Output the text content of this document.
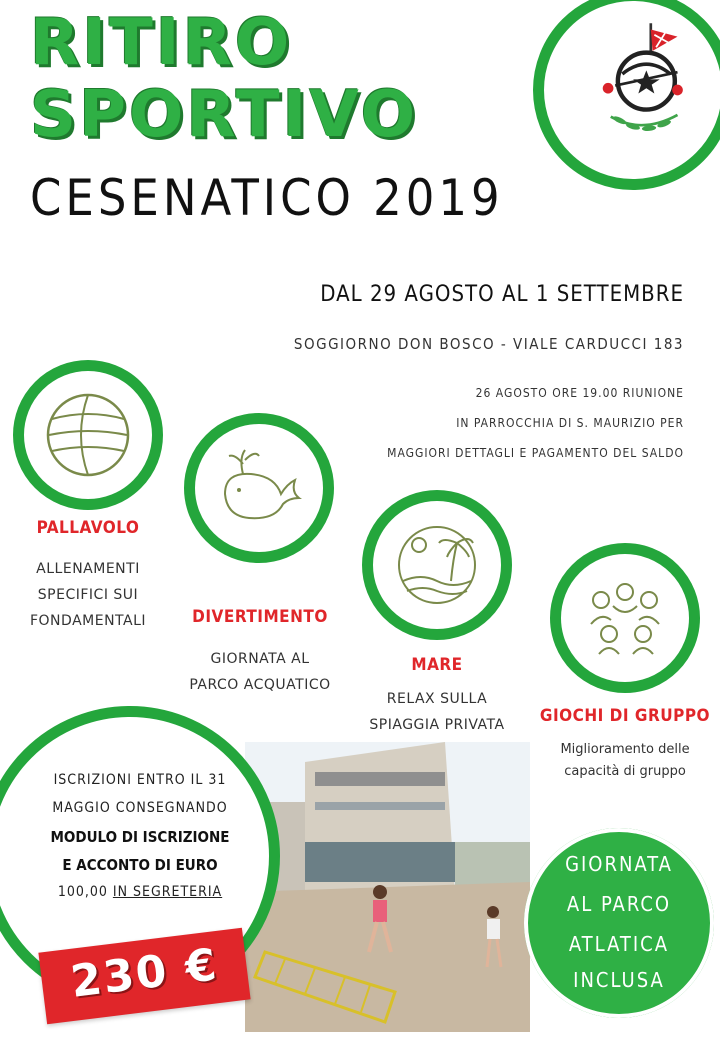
RITIRO
SPORTIVO
CESENATICO 2019
DAL 29 AGOSTO AL 1 SETTEMBRE
SOGGIORNO DON BOSCO - VIALE CARDUCCI 183
26 AGOSTO ORE 19.00 RIUNIONE
IN PARROCCHIA DI S. MAURIZIO PER
MAGGIORI DETTAGLI E PAGAMENTO DEL SALDO
PALLAVOLO
ALLENAMENTI
SPECIFICI SUI
FONDAMENTALI	DIVERTIMENTO
GIORNATA AL
PARCO ACQUATICO
MARE
RELAX SULLA
SPIAGGIA PRIVATA	GIOCHI DI GRUPPO
Miglioramento delle
capacità di gruppo
ISCRIZIONI ENTRO IL 31
MAGGIO CONSEGNANDO
MODULO DI ISCRIZIONE
E ACCONTO DI EURO
100,00 IN SEGRETERIA
230 €
GIORNATA
AL PARCO
ATLATICA
INCLUSA
